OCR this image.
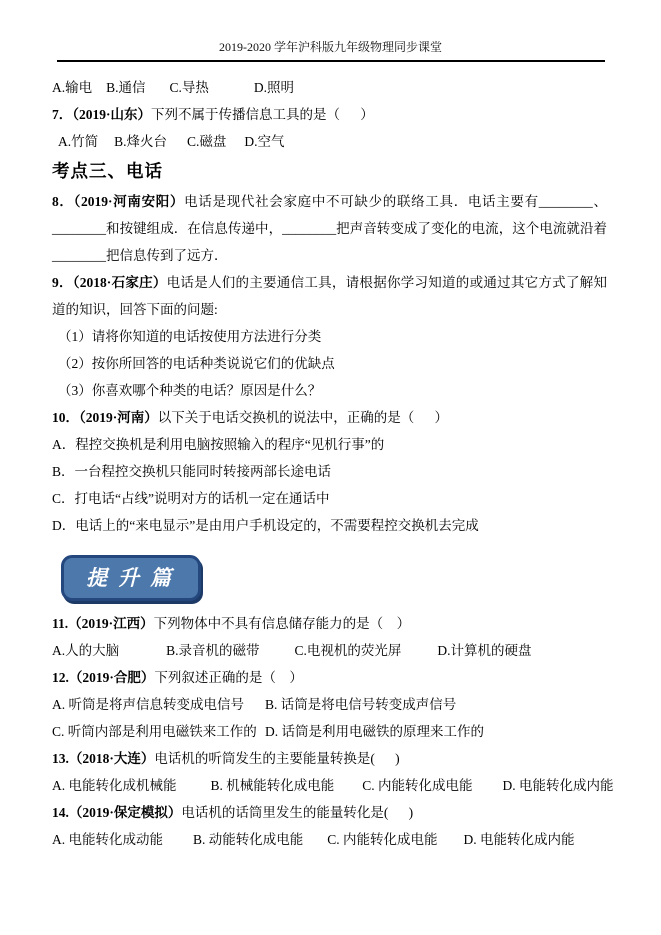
2019-2020 学年沪科版九年级物理同步课堂
A.输电 B.通信 C.导热	D.照明

7．（2019·山东）下列不属于传播信息工具的是（      ）

A.竹简 B.烽火台 C.磁盘 D.空气
考点三、电话

8．（2019·河南安阳）电话是现代社会家庭中不可缺少的联络工具．电话主要有________、________和按键组成．在信息传递中，________把声音转变成了变化的电流，这个电流就沿着________把信息传到了远方．

9．（2018·石家庄）电话是人们的主要通信工具，请根据你学习知道的或通过其它方式了解知道的知识，回答下面的问题:

（1）请将你知道的电话按使用方法进行分类

（2）按你所回答的电话种类说说它们的优缺点

（3）你喜欢哪个种类的电话？原因是什么？

10．（2019·河南）以下关于电话交换机的说法中，正确的是（      ）

A．程控交换机是利用电脑按照输入的程序“见机行事”的

B．一台程控交换机只能同时转接两部长途电话

C．打电话“占线”说明对方的话机一定在通话中

D．电话上的“来电显示”是由用户手机设定的，不需要程控交换机去完成

提升篇

11.（2019·江西）下列物体中不具有信息储存能力的是（    ）

A.人的大脑	B.录音机的磁带	C.电视机的荧光屏	D.计算机的硬盘

12.（2019·合肥）下列叙述正确的是（    ）

A. 听筒是将声信息转变成电信号	B. 话筒是将电信号转变成声信号
C. 听筒内部是利用电磁铁来工作的 D. 话筒是利用电磁铁的原理来工作的

13.（2018·大连）电话机的听筒发生的主要能量转换是(      )

A. 电能转化成机械能	B. 机械能转化成电能 C. 内能转化成电能 D. 电能转化成内能

14.（2019·保定模拟）电话机的话筒里发生的能量转化是(      )

A. 电能转化成动能 B. 动能转化成电能 C. 内能转化成电能 D. 电能转化成内能
